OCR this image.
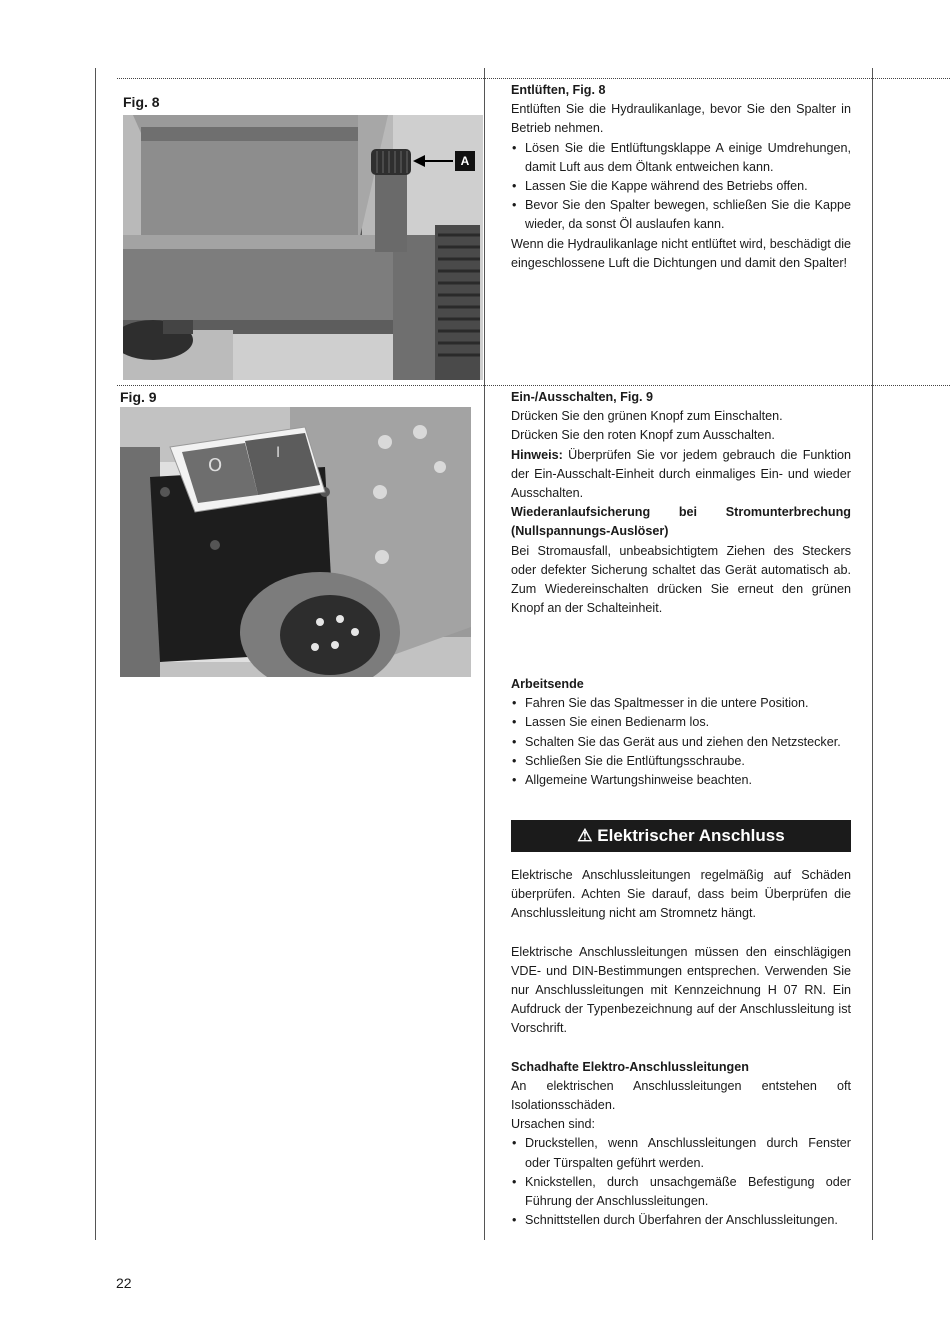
Fig. 8
A
Fig. 9
O
I

Entlüften, Fig. 8

Entlüften Sie die Hydraulikanlage, bevor Sie den Spalter in Betrieb nehmen.

• Lösen Sie die Entlüftungsklappe A einige Umdrehungen, damit Luft aus dem Öltank entweichen kann.
• Lassen Sie die Kappe während des Betriebs offen.
• Bevor Sie den Spalter bewegen, schließen Sie die Kappe wieder, da sonst Öl auslaufen kann.

Wenn die Hydraulikanlage nicht entlüftet wird, beschädigt die eingeschlossene Luft die Dichtungen und damit den Spalter!

Ein-/Ausschalten, Fig. 9

Drücken Sie den grünen Knopf zum Einschalten.

Drücken Sie den roten Knopf zum Ausschalten.

Hinweis: Überprüfen Sie vor jedem gebrauch die Funktion der Ein-Ausschalt-Einheit durch einmaliges Ein- und wieder Ausschalten.

Wiederanlaufsicherung bei Stromunterbrechung (Nullspannungs-Auslöser)

Bei Stromausfall, unbeabsichtigtem Ziehen des Steckers oder defekter Sicherung schaltet das Gerät automatisch ab. Zum Wiedereinschalten drücken Sie erneut den grünen Knopf an der Schalteinheit.

Arbeitsende

• Fahren Sie das Spaltmesser in die untere Position.
• Lassen Sie einen Bedienarm los.
• Schalten Sie das Gerät aus und ziehen den Netzstecker.
• Schließen Sie die Entlüftungsschraube.
• Allgemeine Wartungshinweise beachten.
⚠ Elektrischer Anschluss

Elektrische Anschlussleitungen regelmäßig auf Schäden überprüfen. Achten Sie darauf, dass beim Überprüfen die Anschlussleitung nicht am Stromnetz hängt.

Elektrische Anschlussleitungen müssen den einschlägigen VDE- und DIN-Bestimmungen entsprechen. Verwenden Sie nur Anschlussleitungen mit Kennzeichnung H 07 RN. Ein Aufdruck der Typenbezeichnung auf der Anschlussleitung ist Vorschrift.

Schadhafte Elektro-Anschlussleitungen

An elektrischen Anschlussleitungen entstehen oft Isolationsschäden.

Ursachen sind:

• Druckstellen, wenn Anschlussleitungen durch Fenster oder Türspalten geführt werden.
• Knickstellen, durch unsachgemäße Befestigung oder Führung der Anschlussleitungen.
• Schnittstellen durch Überfahren der Anschlussleitungen.
22
